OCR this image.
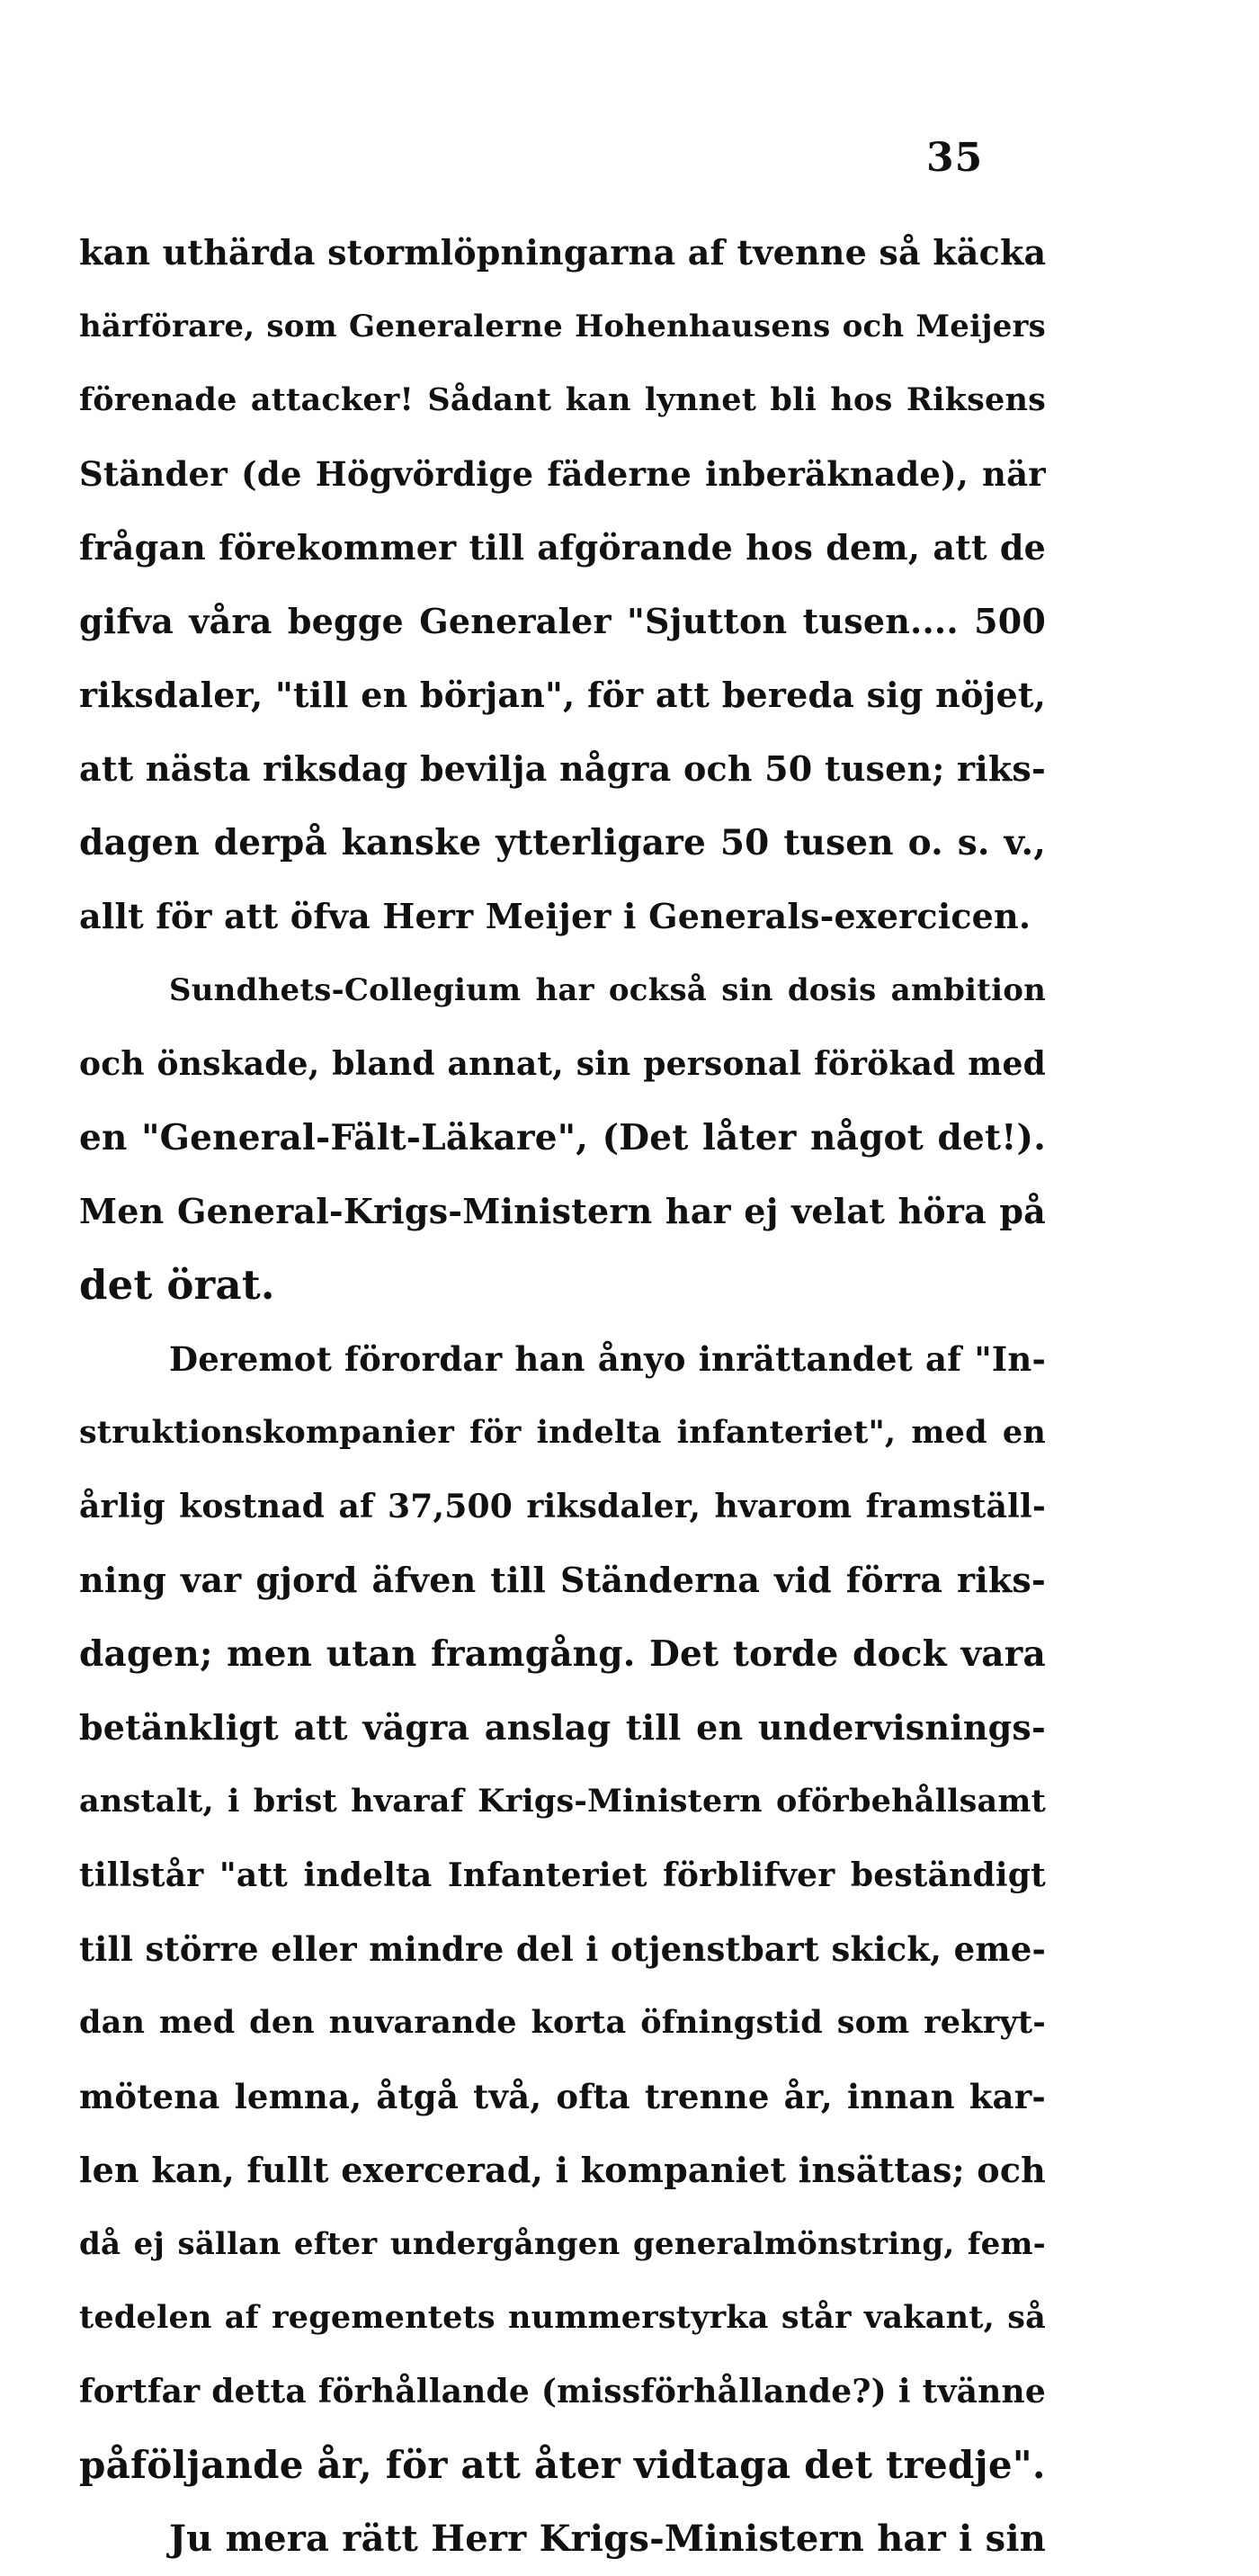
35
kan uthärda stormlöpningarna af tvenne så käcka
härförare, som Generalerne Hohenhausens och Meijers
förenade attacker! Sådant kan lynnet bli hos Riksens
Ständer (de Högvördige fäderne inberäknade), när
frågan förekommer till afgörande hos dem, att de
gifva våra begge Generaler "Sjutton tusen.... 500
riksdaler, "till en början", för att bereda sig nöjet,
att nästa riksdag bevilja några och 50 tusen; riks-
dagen derpå kanske ytterligare 50 tusen o. s. v.,
allt för att öfva Herr Meijer i Generals-exercicen.
Sundhets-Collegium har också sin dosis ambition
och önskade, bland annat, sin personal förökad med
en "General-Fält-Läkare", (Det låter något det!).
Men General-Krigs-Ministern har ej velat höra på
det örat.
Deremot förordar han ånyo inrättandet af "In-
struktionskompanier för indelta infanteriet", med en
årlig kostnad af 37,500 riksdaler, hvarom framställ-
ning var gjord äfven till Ständerna vid förra riks-
dagen; men utan framgång. Det torde dock vara
betänkligt att vägra anslag till en undervisnings-
anstalt, i brist hvaraf Krigs-Ministern oförbehållsamt
tillstår "att indelta Infanteriet förblifver beständigt
till större eller mindre del i otjenstbart skick, eme-
dan med den nuvarande korta öfningstid som rekryt-
mötena lemna, åtgå två, ofta trenne år, innan kar-
len kan, fullt exercerad, i kompaniet insättas; och
då ej sällan efter undergången generalmönstring, fem-
tedelen af regementets nummerstyrka står vakant, så
fortfar detta förhållande (missförhållande?) i tvänne
påföljande år, för att åter vidtaga det tredje".
Ju mera rätt Herr Krigs-Ministern har i sin
